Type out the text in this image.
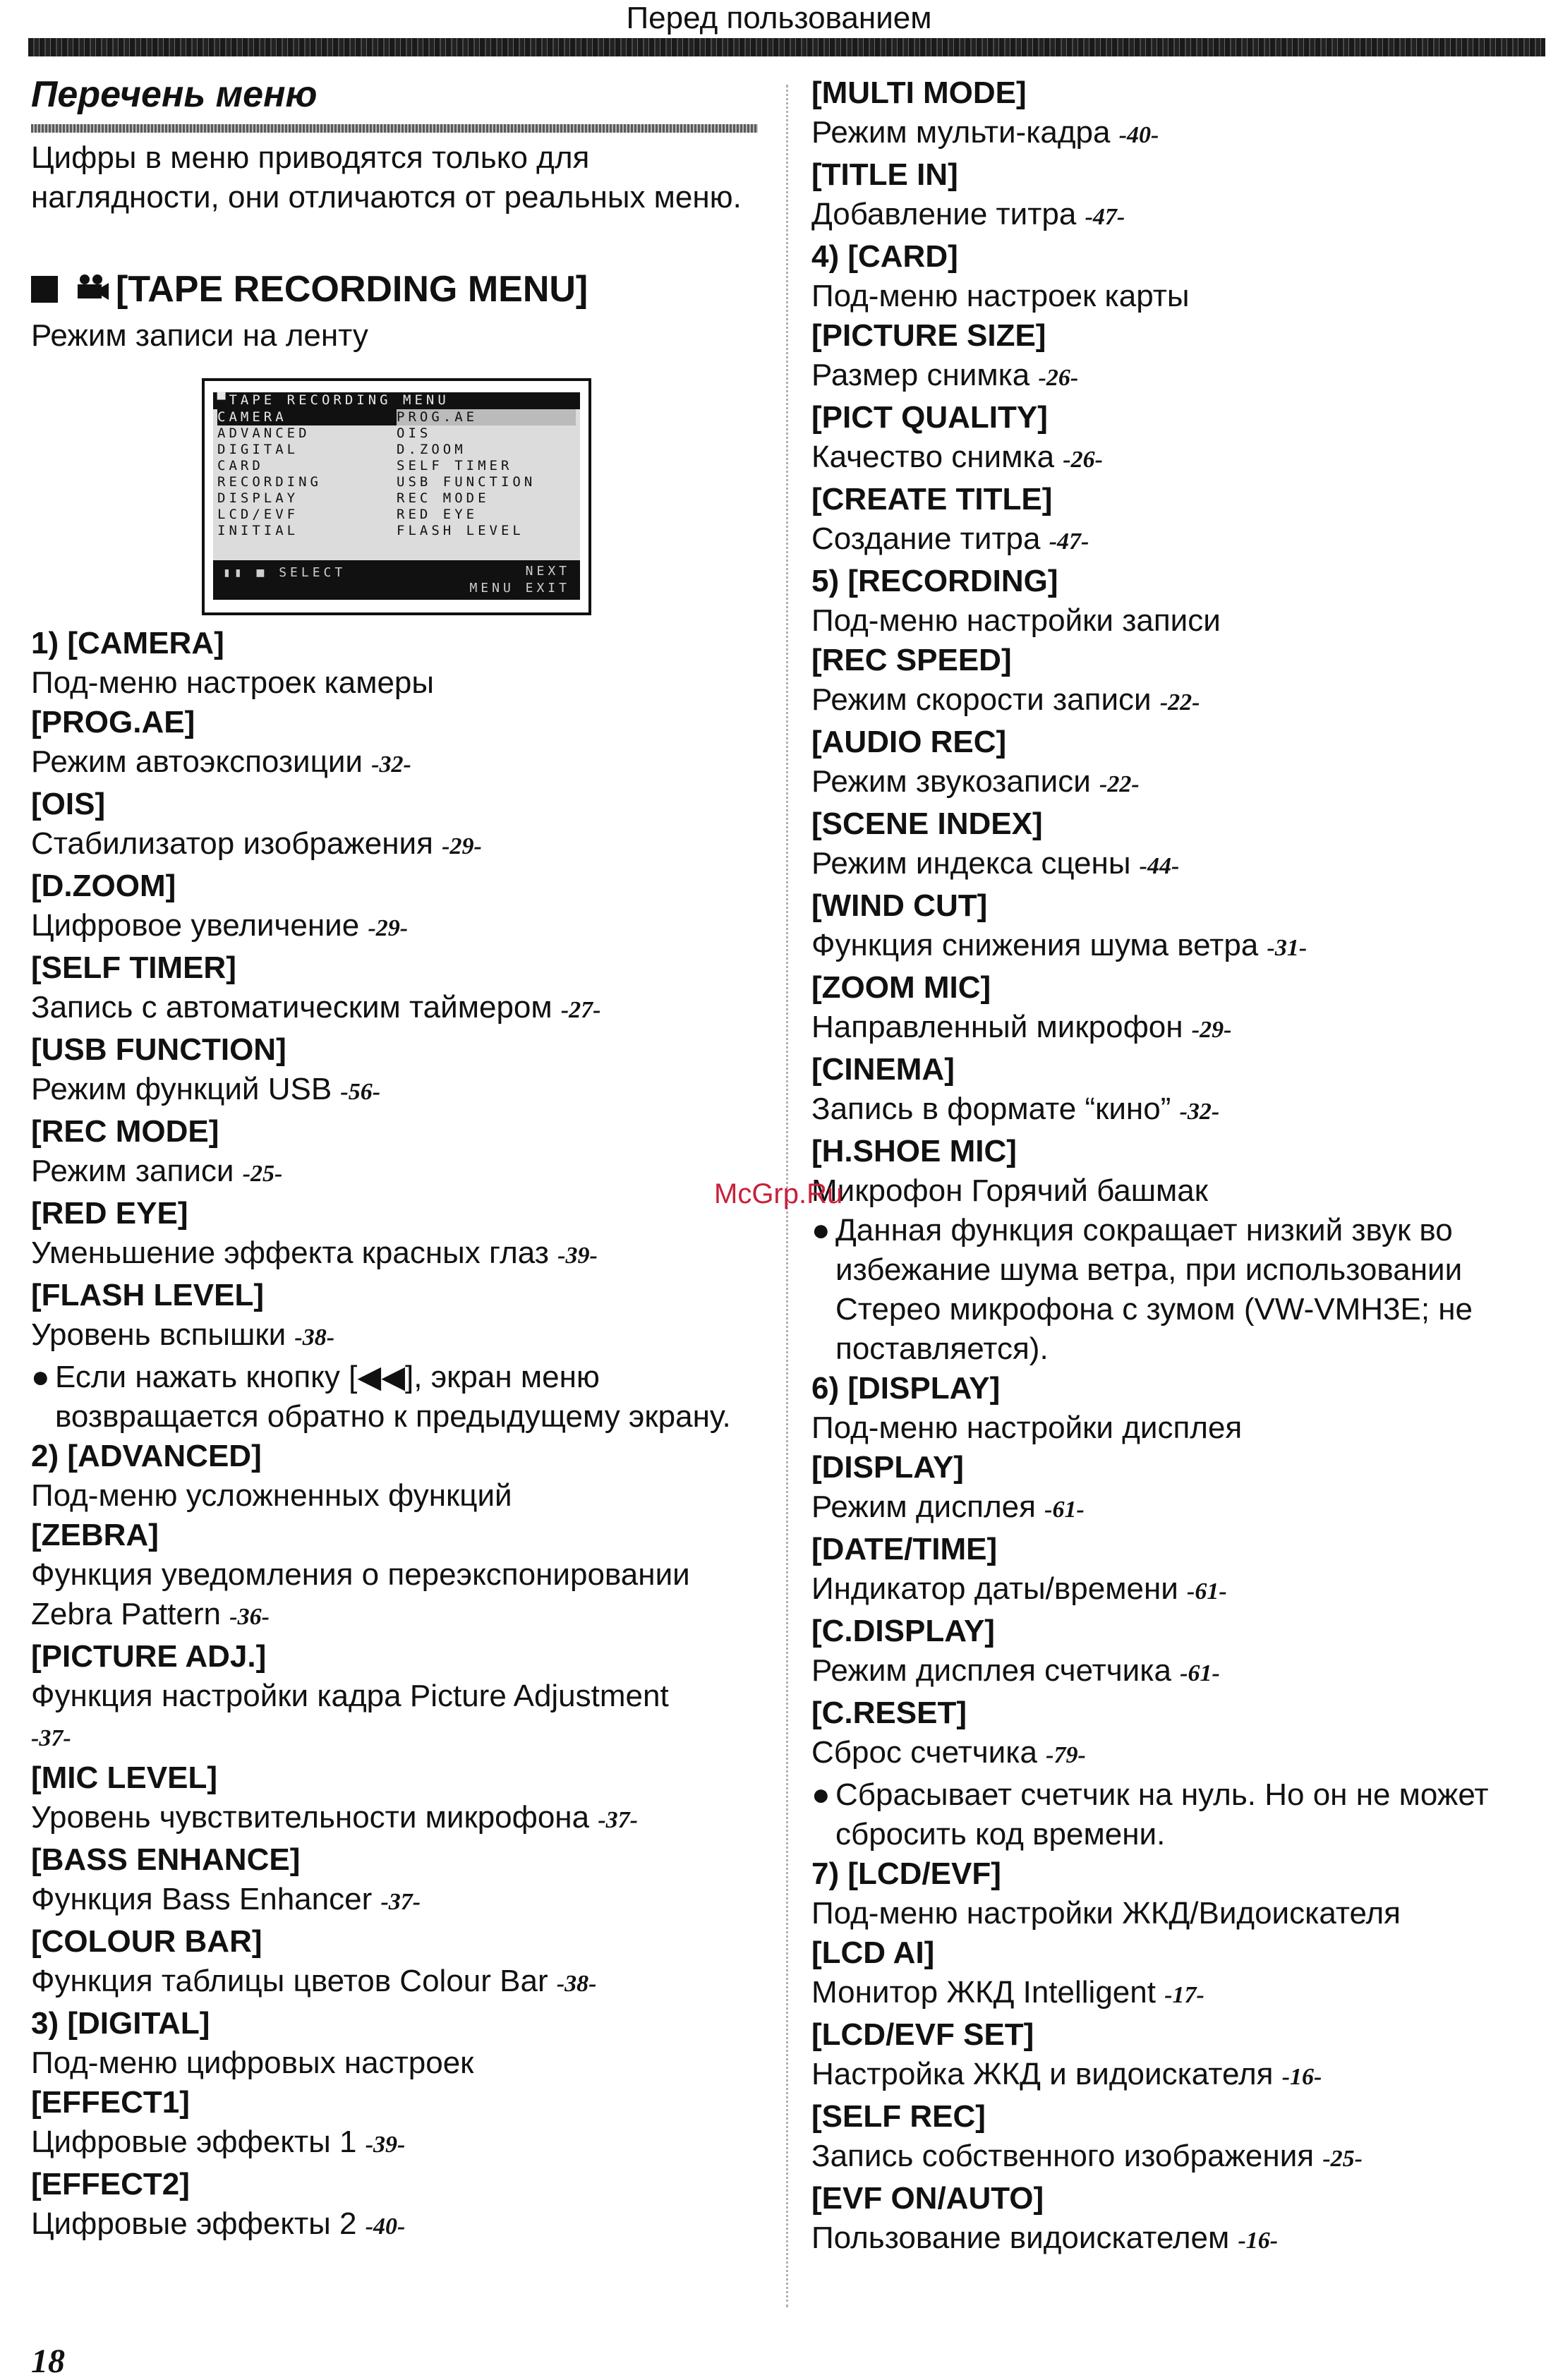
Перед пользованием
Перечень меню
Цифры в меню приводятся только для наглядности, они отличаются от реальных меню.
[TAPE RECORDING MENU]
Режим записи на ленту
▀TAPE RECORDING MENU
CAMERA
ADVANCED
DIGITAL
CARD
RECORDING
DISPLAY
LCD/EVF
INITIAL
PROG.AE
OIS
D.ZOOM
SELF TIMER
USB FUNCTION
REC MODE
RED EYE
FLASH LEVEL
▮▮ ■ SELECT	NEXT
MENU EXIT
1) [CAMERA]
Под-меню настроек камеры
[PROG.AE]
Режим автоэкспозиции -32-
[OIS]
Стабилизатор изображения -29-
[D.ZOOM]
Цифровое увеличение -29-
[SELF TIMER]
Запись с автоматическим таймером -27-
[USB FUNCTION]
Режим функций USB -56-
[REC MODE]
Режим записи -25-
[RED EYE]
Уменьшение эффекта красных глаз -39-
[FLASH LEVEL]
Уровень вспышки -38-
● Если нажать кнопку [◀◀], экран меню возвращается обратно к предыдущему экрану.
2) [ADVANCED]
Под-меню усложненных функций
[ZEBRA]
Функция уведомления о переэкспонировании
Zebra Pattern -36-
[PICTURE ADJ.]
Функция настройки кадра Picture Adjustment
-37-
[MIC LEVEL]
Уровень чувствительности микрофона -37-
[BASS ENHANCE]
Функция Bass Enhancer -37-
[COLOUR BAR]
Функция таблицы цветов Colour Bar -38-
3) [DIGITAL]
Под-меню цифровых настроек
[EFFECT1]
Цифровые эффекты 1 -39-
[EFFECT2]
Цифровые эффекты 2 -40-
[MULTI MODE]
Режим мульти-кадра -40-
[TITLE IN]
Добавление титра -47-
4) [CARD]
Под-меню настроек карты
[PICTURE SIZE]
Размер снимка -26-
[PICT QUALITY]
Качество снимка -26-
[CREATE TITLE]
Создание титра -47-
5) [RECORDING]
Под-меню настройки записи
[REC SPEED]
Режим скорости записи -22-
[AUDIO REC]
Режим звукозаписи -22-
[SCENE INDEX]
Режим индекса сцены -44-
[WIND CUT]
Функция снижения шума ветра -31-
[ZOOM MIC]
Направленный микрофон -29-
[CINEMA]
Запись в формате “кино” -32-
[H.SHOE MIC]
Микрофон Горячий башмак
● Данная функция сокращает низкий звук во избежание шума ветра, при использовании Стерео микрофона с зумом (VW-VMH3E; не поставляется).
6) [DISPLAY]
Под-меню настройки дисплея
[DISPLAY]
Режим дисплея -61-
[DATE/TIME]
Индикатор даты/времени -61-
[C.DISPLAY]
Режим дисплея счетчика -61-
[C.RESET]
Сброс счетчика -79-
● Сбрасывает счетчик на нуль. Но он не может сбросить код времени.
7) [LCD/EVF]
Под-меню настройки ЖКД/Видоискателя
[LCD AI]
Монитор ЖКД Intelligent -17-
[LCD/EVF SET]
Настройка ЖКД и видоискателя -16-
[SELF REC]
Запись собственного изображения -25-
[EVF ON/AUTO]
Пользование видоискателем -16-
McGrp.Ru
18
